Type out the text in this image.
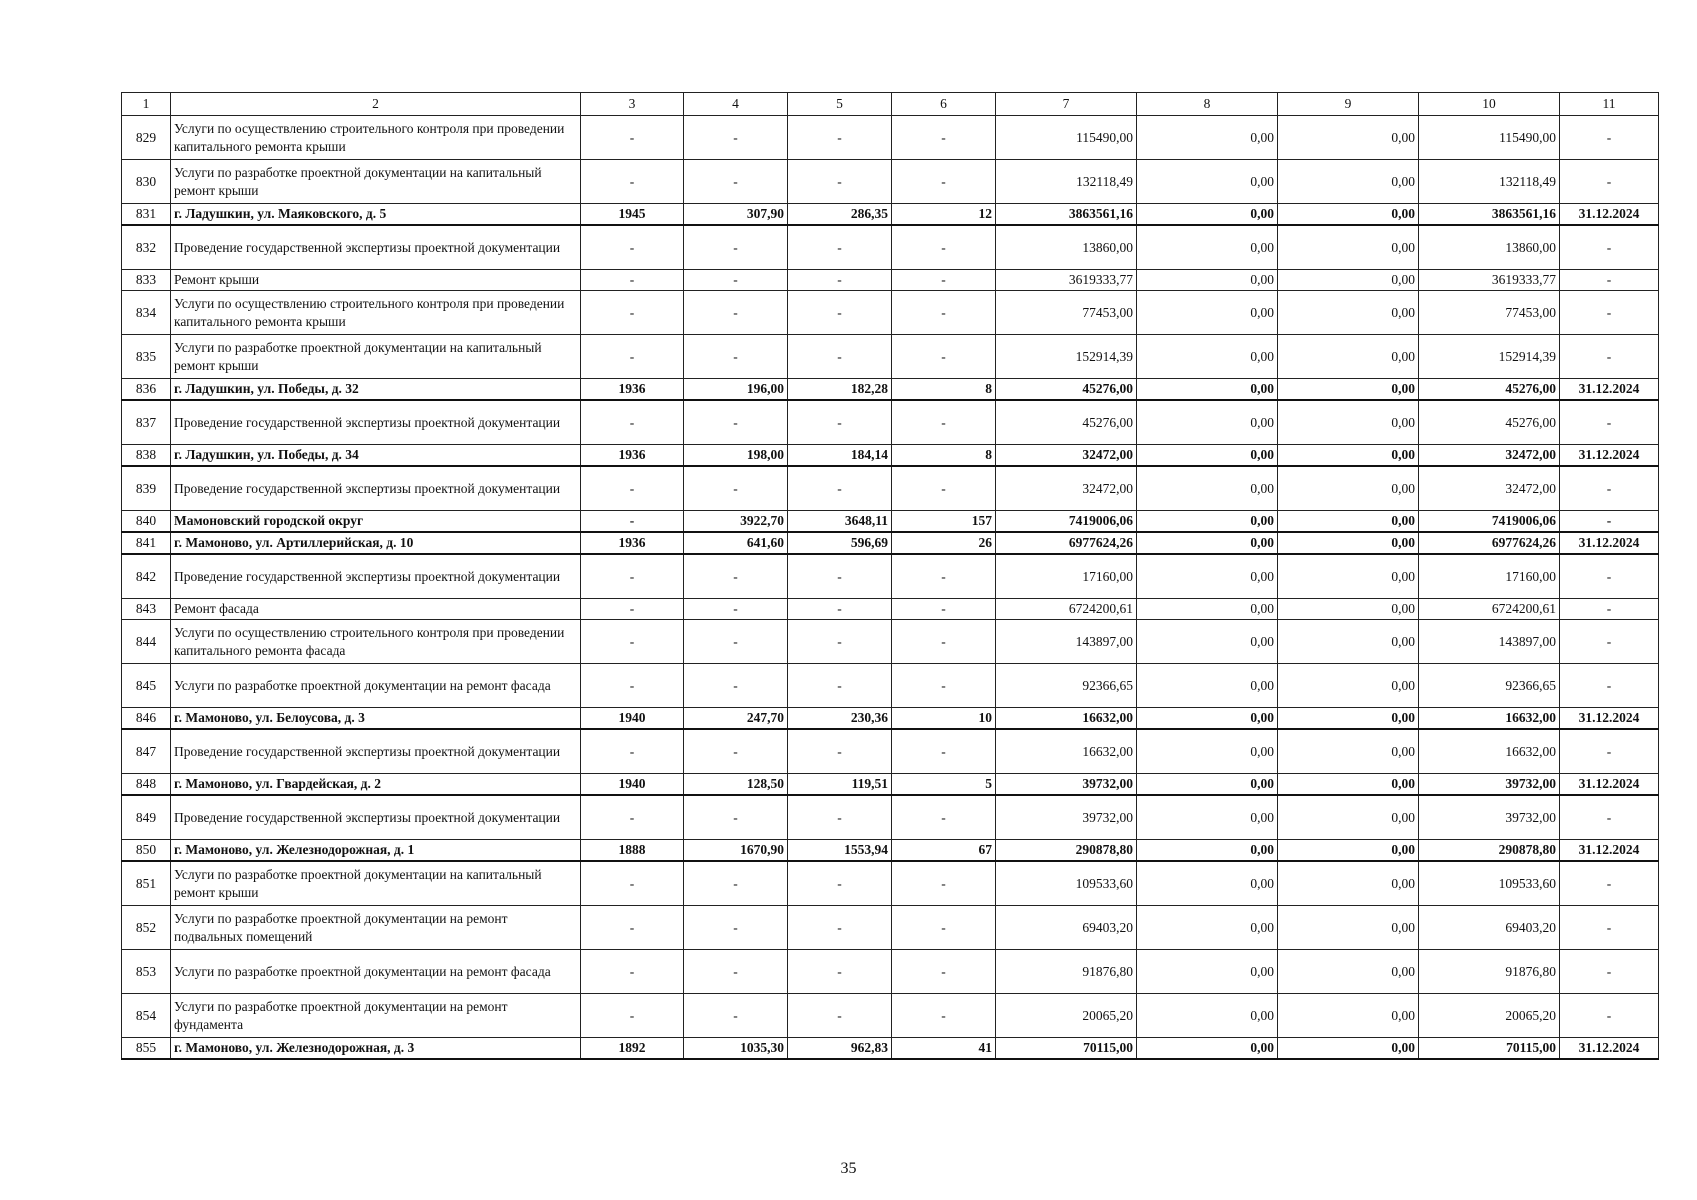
1	2	3	4	5	6	7	8	9	10	11
829	Услуги по осуществлению строительного контроля при проведении капитального ремонта крыши	-	-	-	-	115490,00	0,00	0,00	115490,00	-
830	Услуги по разработке проектной документации на капитальный ремонт крыши	-	-	-	-	132118,49	0,00	0,00	132118,49	-
831	г. Ладушкин, ул. Маяковского, д. 5	1945	307,90	286,35	12	3863561,16	0,00	0,00	3863561,16	31.12.2024
832	Проведение государственной экспертизы проектной документации	-	-	-	-	13860,00	0,00	0,00	13860,00	-
833	Ремонт крыши	-	-	-	-	3619333,77	0,00	0,00	3619333,77	-
834	Услуги по осуществлению строительного контроля при проведении капитального ремонта крыши	-	-	-	-	77453,00	0,00	0,00	77453,00	-
835	Услуги по разработке проектной документации на капитальный ремонт крыши	-	-	-	-	152914,39	0,00	0,00	152914,39	-
836	г. Ладушкин, ул. Победы, д. 32	1936	196,00	182,28	8	45276,00	0,00	0,00	45276,00	31.12.2024
837	Проведение государственной экспертизы проектной документации	-	-	-	-	45276,00	0,00	0,00	45276,00	-
838	г. Ладушкин, ул. Победы, д. 34	1936	198,00	184,14	8	32472,00	0,00	0,00	32472,00	31.12.2024
839	Проведение государственной экспертизы проектной документации	-	-	-	-	32472,00	0,00	0,00	32472,00	-
840	Мамоновский городской округ	-	3922,70	3648,11	157	7419006,06	0,00	0,00	7419006,06	-
841	г. Мамоново, ул. Артиллерийская, д. 10	1936	641,60	596,69	26	6977624,26	0,00	0,00	6977624,26	31.12.2024
842	Проведение государственной экспертизы проектной документации	-	-	-	-	17160,00	0,00	0,00	17160,00	-
843	Ремонт фасада	-	-	-	-	6724200,61	0,00	0,00	6724200,61	-
844	Услуги по осуществлению строительного контроля при проведении капитального ремонта фасада	-	-	-	-	143897,00	0,00	0,00	143897,00	-
845	Услуги по разработке проектной документации на ремонт фасада	-	-	-	-	92366,65	0,00	0,00	92366,65	-
846	г. Мамоново, ул. Белоусова, д. 3	1940	247,70	230,36	10	16632,00	0,00	0,00	16632,00	31.12.2024
847	Проведение государственной экспертизы проектной документации	-	-	-	-	16632,00	0,00	0,00	16632,00	-
848	г. Мамоново, ул. Гвардейская, д. 2	1940	128,50	119,51	5	39732,00	0,00	0,00	39732,00	31.12.2024
849	Проведение государственной экспертизы проектной документации	-	-	-	-	39732,00	0,00	0,00	39732,00	-
850	г. Мамоново, ул. Железнодорожная, д. 1	1888	1670,90	1553,94	67	290878,80	0,00	0,00	290878,80	31.12.2024
851	Услуги по разработке проектной документации на капитальный ремонт крыши	-	-	-	-	109533,60	0,00	0,00	109533,60	-
852	Услуги по разработке проектной документации на ремонт подвальных помещений	-	-	-	-	69403,20	0,00	0,00	69403,20	-
853	Услуги по разработке проектной документации на ремонт фасада	-	-	-	-	91876,80	0,00	0,00	91876,80	-
854	Услуги по разработке проектной документации на ремонт фундамента	-	-	-	-	20065,20	0,00	0,00	20065,20	-
855	г. Мамоново, ул. Железнодорожная, д. 3	1892	1035,30	962,83	41	70115,00	0,00	0,00	70115,00	31.12.2024
35
